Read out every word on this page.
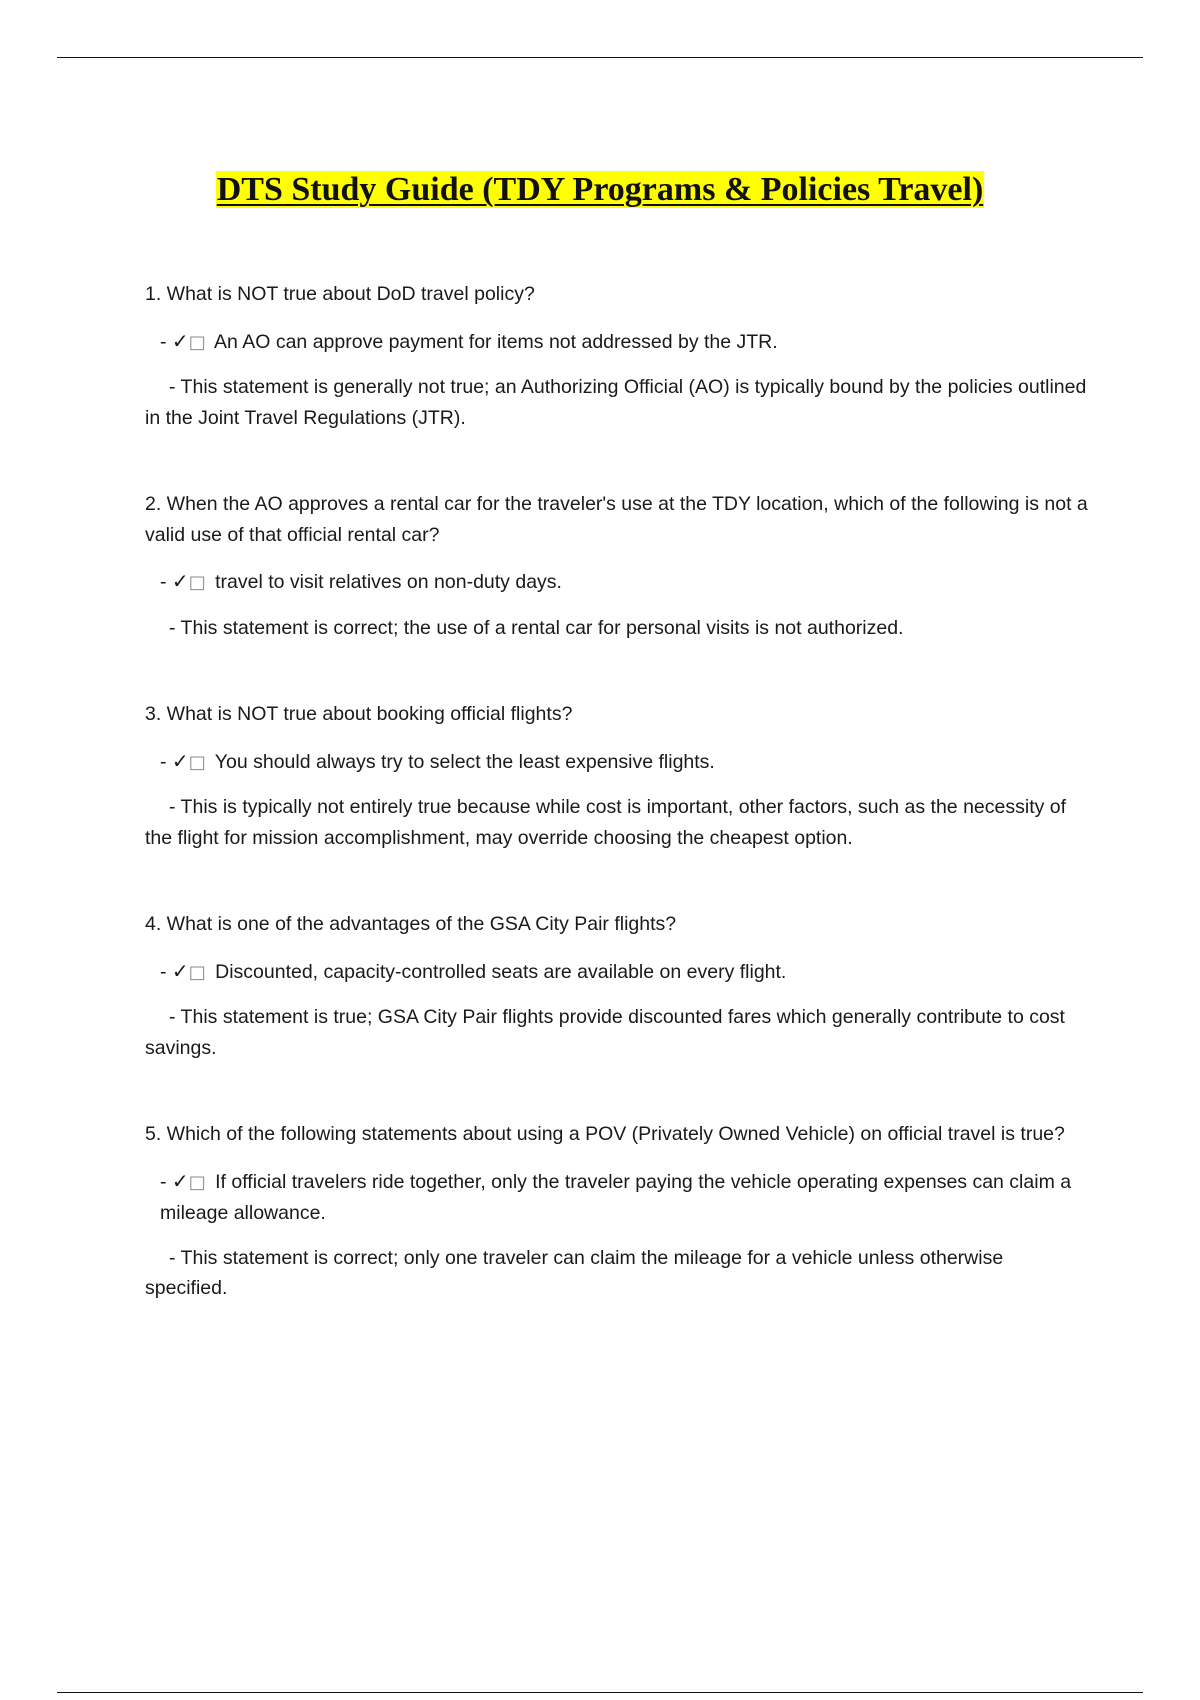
DTS Study Guide (TDY Programs & Policies Travel)

1. What is NOT true about DoD travel policy?

- ✓□ An AO can approve payment for items not addressed by the JTR.

- This statement is generally not true; an Authorizing Official (AO) is typically bound by the policies outlined in the Joint Travel Regulations (JTR).

2. When the AO approves a rental car for the traveler's use at the TDY location, which of the following is not a valid use of that official rental car?

- ✓□ travel to visit relatives on non-duty days.

- This statement is correct; the use of a rental car for personal visits is not authorized.

3. What is NOT true about booking official flights?

- ✓□ You should always try to select the least expensive flights.

- This is typically not entirely true because while cost is important, other factors, such as the necessity of the flight for mission accomplishment, may override choosing the cheapest option.

4. What is one of the advantages of the GSA City Pair flights?

- ✓□ Discounted, capacity-controlled seats are available on every flight.

- This statement is true; GSA City Pair flights provide discounted fares which generally contribute to cost savings.

5. Which of the following statements about using a POV (Privately Owned Vehicle) on official travel is true?

- ✓□ If official travelers ride together, only the traveler paying the vehicle operating expenses can claim a mileage allowance.

- This statement is correct; only one traveler can claim the mileage for a vehicle unless otherwise specified.
